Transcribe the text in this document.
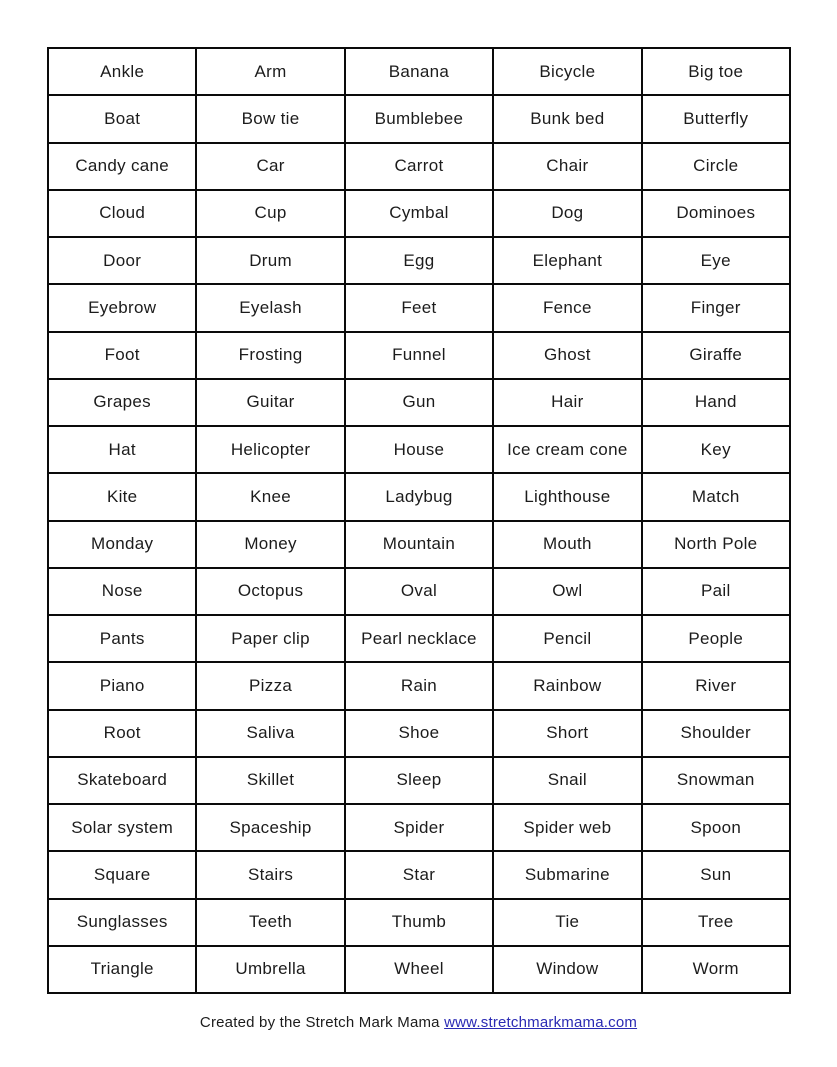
Ankle	Arm	Banana	Bicycle	Big toe
Boat	Bow tie	Bumblebee	Bunk bed	Butterfly
Candy cane	Car	Carrot	Chair	Circle
Cloud	Cup	Cymbal	Dog	Dominoes
Door	Drum	Egg	Elephant	Eye
Eyebrow	Eyelash	Feet	Fence	Finger
Foot	Frosting	Funnel	Ghost	Giraffe
Grapes	Guitar	Gun	Hair	Hand
Hat	Helicopter	House	Ice cream cone	Key
Kite	Knee	Ladybug	Lighthouse	Match
Monday	Money	Mountain	Mouth	North Pole
Nose	Octopus	Oval	Owl	Pail
Pants	Paper clip	Pearl necklace	Pencil	People
Piano	Pizza	Rain	Rainbow	River
Root	Saliva	Shoe	Short	Shoulder
Skateboard	Skillet	Sleep	Snail	Snowman
Solar system	Spaceship	Spider	Spider web	Spoon
Square	Stairs	Star	Submarine	Sun
Sunglasses	Teeth	Thumb	Tie	Tree
Triangle	Umbrella	Wheel	Window	Worm
Created by the Stretch Mark Mama www.stretchmarkmama.com
